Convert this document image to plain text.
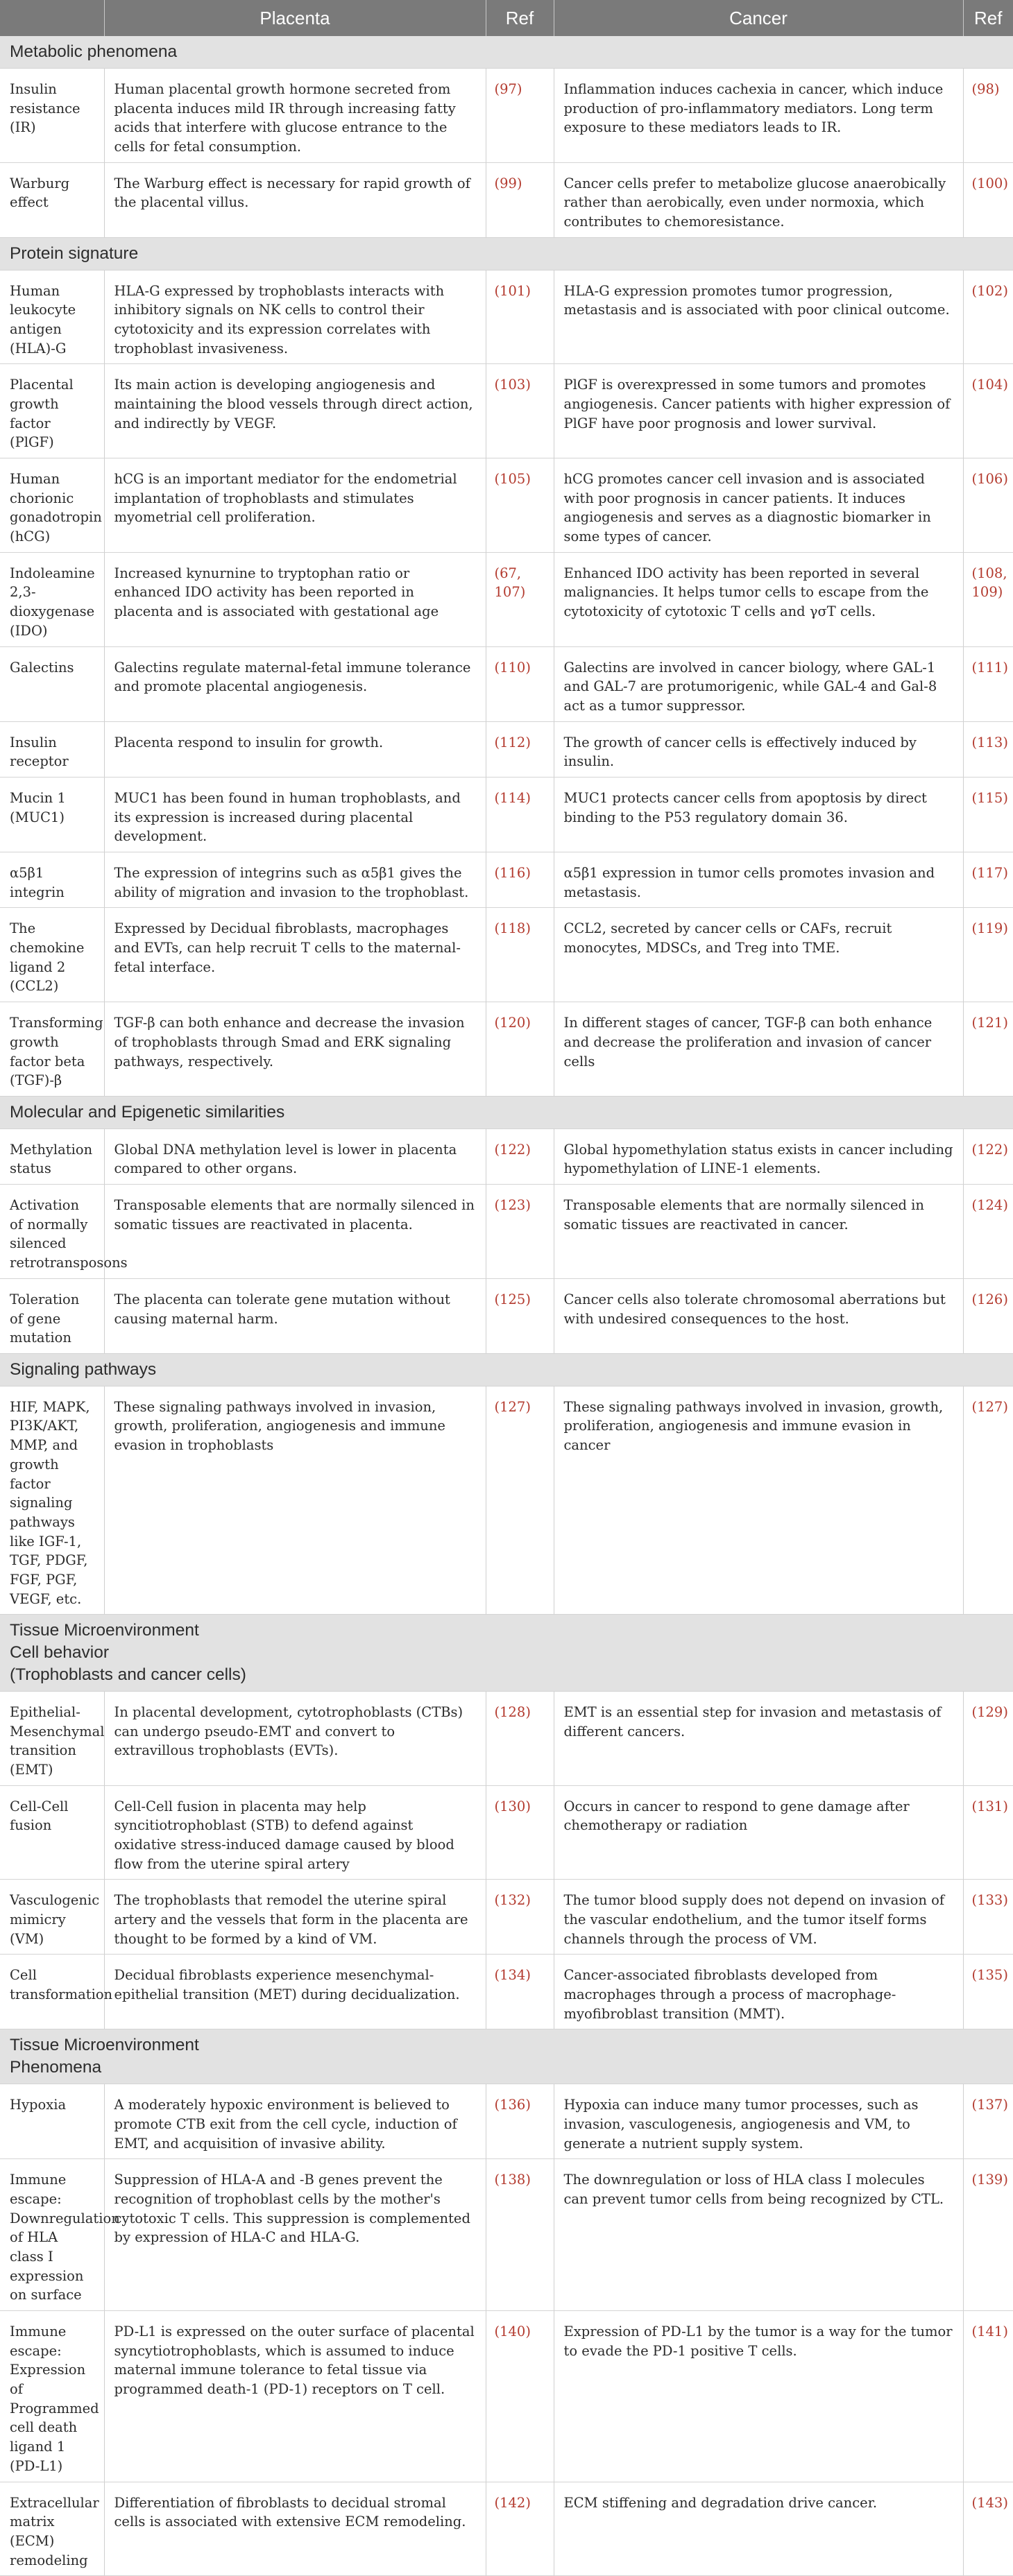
	Placenta	Ref	Cancer	Ref
Metabolic phenomena				
Insulin resistance (IR)	Human placental growth hormone secreted from placenta induces mild IR through increasing fatty acids that interfere with glucose entrance to the cells for fetal consumption.	(97)	Inflammation induces cachexia in cancer, which induce production of pro-inflammatory mediators. Long term exposure to these mediators leads to IR.	(98)
Warburg effect	The Warburg effect is necessary for rapid growth of the placental villus.	(99)	Cancer cells prefer to metabolize glucose anaerobically rather than aerobically, even under normoxia, which contributes to chemoresistance.	(100)
Protein signature				
Human leukocyte antigen (HLA)-G	HLA-G expressed by trophoblasts interacts with inhibitory signals on NK cells to control their cytotoxicity and its expression correlates with trophoblast invasiveness.	(101)	HLA-G expression promotes tumor progression, metastasis and is associated with poor clinical outcome.	(102)
Placental growth factor (PlGF)	Its main action is developing angiogenesis and maintaining the blood vessels through direct action, and indirectly by VEGF.	(103)	PlGF is overexpressed in some tumors and promotes angiogenesis. Cancer patients with higher expression of PlGF have poor prognosis and lower survival.	(104)
Human chorionic gonadotropin (hCG)	hCG is an important mediator for the endometrial implantation of trophoblasts and stimulates myometrial cell proliferation.	(105)	hCG promotes cancer cell invasion and is associated with poor prognosis in cancer patients. It induces angiogenesis and serves as a diagnostic biomarker in some types of cancer.	(106)
Indoleamine 2,3-dioxygenase (IDO)	Increased kynurnine to tryptophan ratio or enhanced IDO activity has been reported in placenta and is associated with gestational age	(67, 107)	Enhanced IDO activity has been reported in several malignancies. It helps tumor cells to escape from the cytotoxicity of cytotoxic T cells and γσT cells.	(108, 109)
Galectins	Galectins regulate maternal-fetal immune tolerance and promote placental angiogenesis.	(110)	Galectins are involved in cancer biology, where GAL-1 and GAL-7 are protumorigenic, while GAL-4 and Gal-8 act as a tumor suppressor.	(111)
Insulin receptor	Placenta respond to insulin for growth.	(112)	The growth of cancer cells is effectively induced by insulin.	(113)
Mucin 1 (MUC1)	MUC1 has been found in human trophoblasts, and its expression is increased during placental development.	(114)	MUC1 protects cancer cells from apoptosis by direct binding to the P53 regulatory domain 36.	(115)
α5β1 integrin	The expression of integrins such as α5β1 gives the ability of migration and invasion to the trophoblast.	(116)	α5β1 expression in tumor cells promotes invasion and metastasis.	(117)
The chemokine ligand 2 (CCL2)	Expressed by Decidual fibroblasts, macrophages and EVTs, can help recruit T cells to the maternal-fetal interface.	(118)	CCL2, secreted by cancer cells or CAFs, recruit monocytes, MDSCs, and Treg into TME.	(119)
Transforming growth factor beta (TGF)-β	TGF-β can both enhance and decrease the invasion of trophoblasts through Smad and ERK signaling pathways, respectively.	(120)	In different stages of cancer, TGF-β can both enhance and decrease the proliferation and invasion of cancer cells	(121)
Molecular and Epigenetic similarities				
Methylation status	Global DNA methylation level is lower in placenta compared to other organs.	(122)	Global hypomethylation status exists in cancer including hypomethylation of LINE-1 elements.	(122)
Activation of normally silenced retrotransposons	Transposable elements that are normally silenced in somatic tissues are reactivated in placenta.	(123)	Transposable elements that are normally silenced in somatic tissues are reactivated in cancer.	(124)
Toleration of gene mutation	The placenta can tolerate gene mutation without causing maternal harm.	(125)	Cancer cells also tolerate chromosomal aberrations but with undesired consequences to the host.	(126)
Signaling pathways				
HIF, MAPK, PI3K/AKT, MMP, and growth factor signaling pathways like IGF-1, TGF, PDGF, FGF, PGF, VEGF, etc.	These signaling pathways involved in invasion, growth, proliferation, angiogenesis and immune evasion in trophoblasts	(127)	These signaling pathways involved in invasion, growth, proliferation, angiogenesis and immune evasion in cancer	(127)
Tissue Microenvironment
Cell behavior
(Trophoblasts and cancer cells)				
Epithelial-Mesenchymal transition (EMT)	In placental development, cytotrophoblasts (CTBs) can undergo pseudo-EMT and convert to extravillous trophoblasts (EVTs).	(128)	EMT is an essential step for invasion and metastasis of different cancers.	(129)
Cell-Cell fusion	Cell-Cell fusion in placenta may help syncitiotrophoblast (STB) to defend against oxidative stress-induced damage caused by blood flow from the uterine spiral artery	(130)	Occurs in cancer to respond to gene damage after chemotherapy or radiation	(131)
Vasculogenic mimicry (VM)	The trophoblasts that remodel the uterine spiral artery and the vessels that form in the placenta are thought to be formed by a kind of VM.	(132)	The tumor blood supply does not depend on invasion of the vascular endothelium, and the tumor itself forms channels through the process of VM.	(133)
Cell transformation	Decidual fibroblasts experience mesenchymal-epithelial transition (MET) during decidualization.	(134)	Cancer-associated fibroblasts developed from macrophages through a process of macrophage-myofibroblast transition (MMT).	(135)
Tissue Microenvironment
Phenomena				
Hypoxia	A moderately hypoxic environment is believed to promote CTB exit from the cell cycle, induction of EMT, and acquisition of invasive ability.	(136)	Hypoxia can induce many tumor processes, such as invasion, vasculogenesis, angiogenesis and VM, to generate a nutrient supply system.	(137)
Immune escape: Downregulation of HLA class I expression on surface	Suppression of HLA-A and -B genes prevent the recognition of trophoblast cells by the mother's cytotoxic T cells. This suppression is complemented by expression of HLA-C and HLA-G.	(138)	The downregulation or loss of HLA class I molecules can prevent tumor cells from being recognized by CTL.	(139)
Immune escape: Expression of Programmed cell death ligand 1 (PD-L1)	PD-L1 is expressed on the outer surface of placental syncytiotrophoblasts, which is assumed to induce maternal immune tolerance to fetal tissue via programmed death-1 (PD-1) receptors on T cell.	(140)	Expression of PD-L1 by the tumor is a way for the tumor to evade the PD-1 positive T cells.	(141)
Extracellular matrix (ECM) remodeling	Differentiation of fibroblasts to decidual stromal cells is associated with extensive ECM remodeling.	(142)	ECM stiffening and degradation drive cancer.	(143)
